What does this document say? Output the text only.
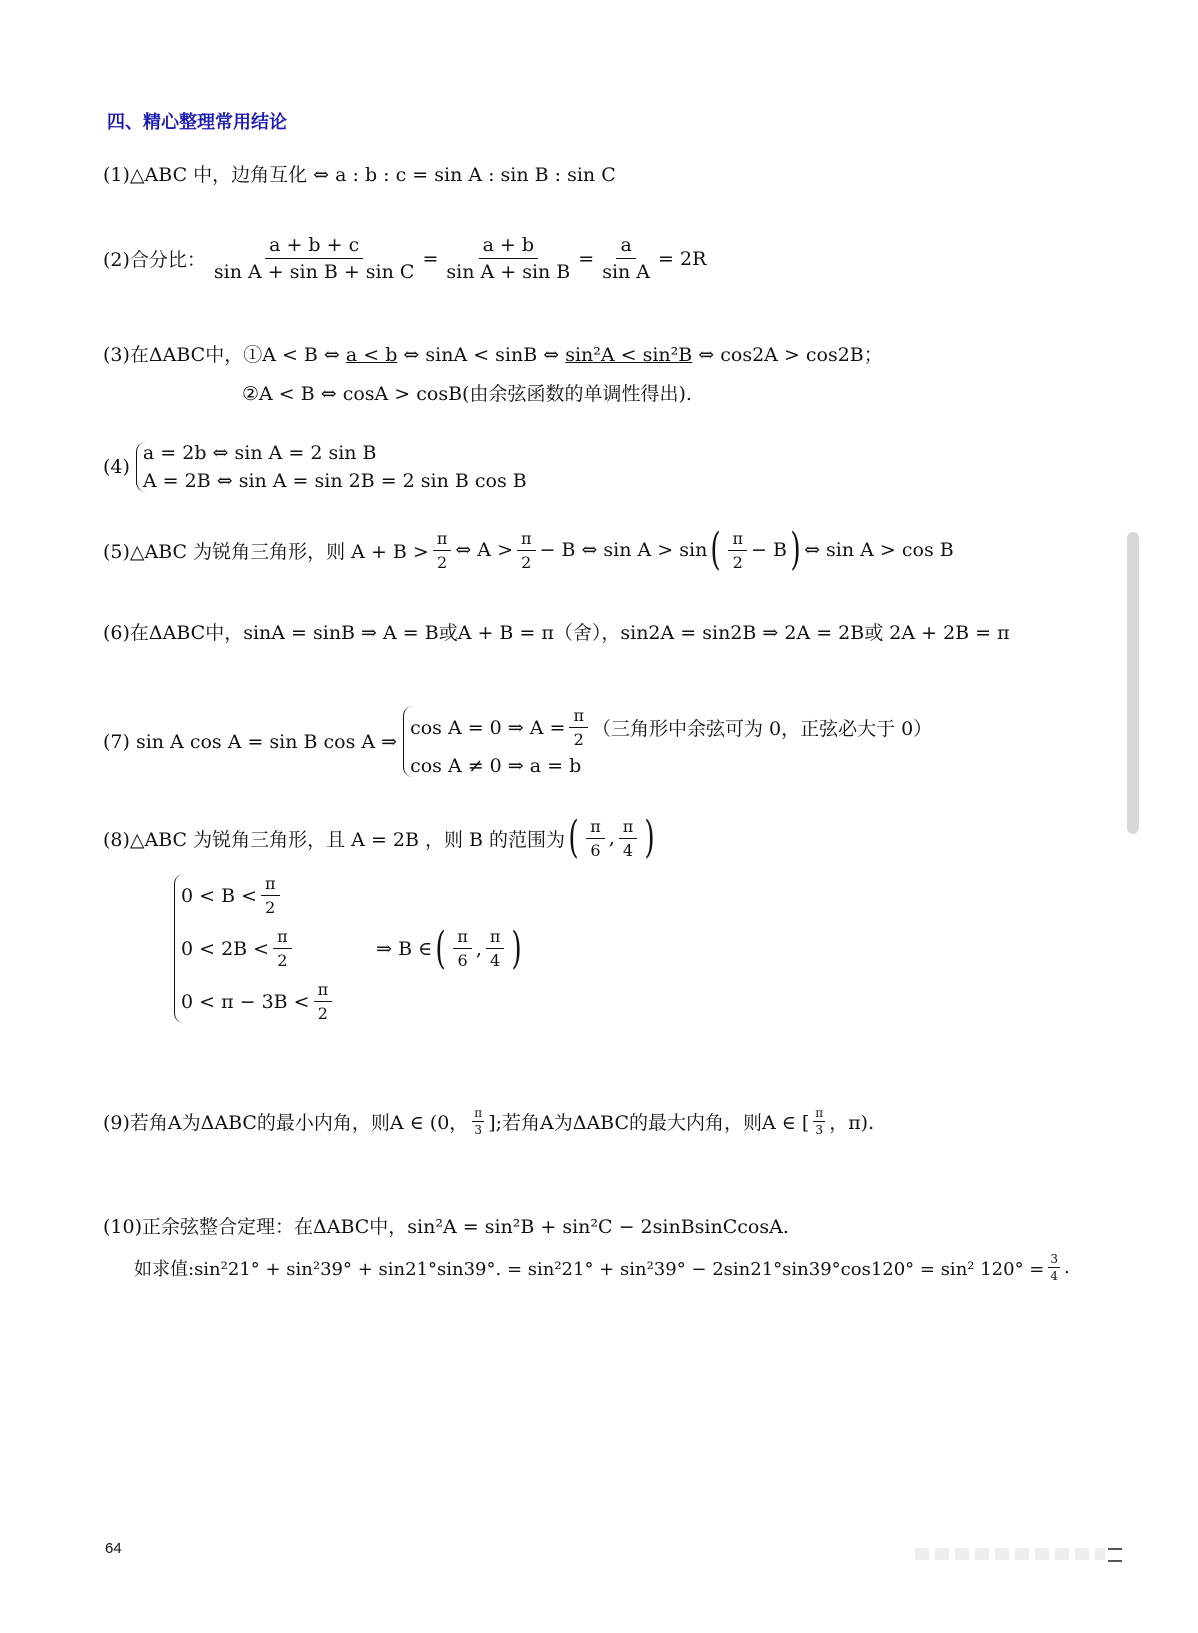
四、精心整理常用结论
(1)△ABC 中，边角互化 ⇔ a : b : c = sin A : sin B : sin C
(2)合分比： $\frac{a + b + c}{\text{sin A + sin B + sin C}} = \frac{a + b}{\text{sin A + sin B}} = \frac{a}{\text{sin A}} = 2R$
(3)在ΔABC中，①A < B ⇔ a < b ⇔ sinA < sinB ⇔ sin²A < sin²B ⇔ cos2A > cos2B；
②A < B ⇔ cosA > cosB(由余弦函数的单调性得出).
(4)
a = 2b ⇔ sin A = 2 sin B
A = 2B ⇔ sin A = sin 2B = 2 sin B cos B
(5)△ABC 为锐角三角形，则 $A + B > \frac{\pi}{2}$ ⇔ $A > \frac{\pi}{2} - B$ ⇔ sin A > sin ( $\frac{\pi}{2} - B$ ) ⇔ sin A > cos B
(6)在ΔABC中，sinA = sinB ⇒ A = B或A + B = π（舍），sin2A = sin2B ⇒ 2A = 2B或 2A + 2B = π
(7) sin A cos A = sin B cos A ⇒
cos A = 0 ⇒ $A = \frac{\pi}{2}$ （三角形中余弦可为 0，正弦必大于 0）
cos A ≠ 0 ⇒ a = b
(8)△ABC 为锐角三角形，且 A = 2B ，则 B 的范围为 ( $\frac{\pi}{6}$ , $\frac{\pi}{4}$ )
$0 < B < \frac{\pi}{2}$
$0 < 2B < \frac{\pi}{2}$
$0 < \pi - 3B < \frac{\pi}{2}$
⇒ B ∈ ( $\frac{\pi}{6}$ , $\frac{\pi}{4}$ )
(9)若角A为ΔABC的最小内角，则A ∈ (0， $\frac{\pi}{3}$ ];若角A为ΔABC的最大内角，则A ∈ [ $\frac{\pi}{3}$ ，π).
(10)正余弦整合定理：在ΔABC中，sin²A = sin²B + sin²C − 2sinBsinCcosA.
如求值:sin²21° + sin²39° + sin21°sin39°. = sin²21° + sin²39° − 2sin21°sin39°cos120° = sin² $120^\circ = \frac{3}{4}$ .
64
